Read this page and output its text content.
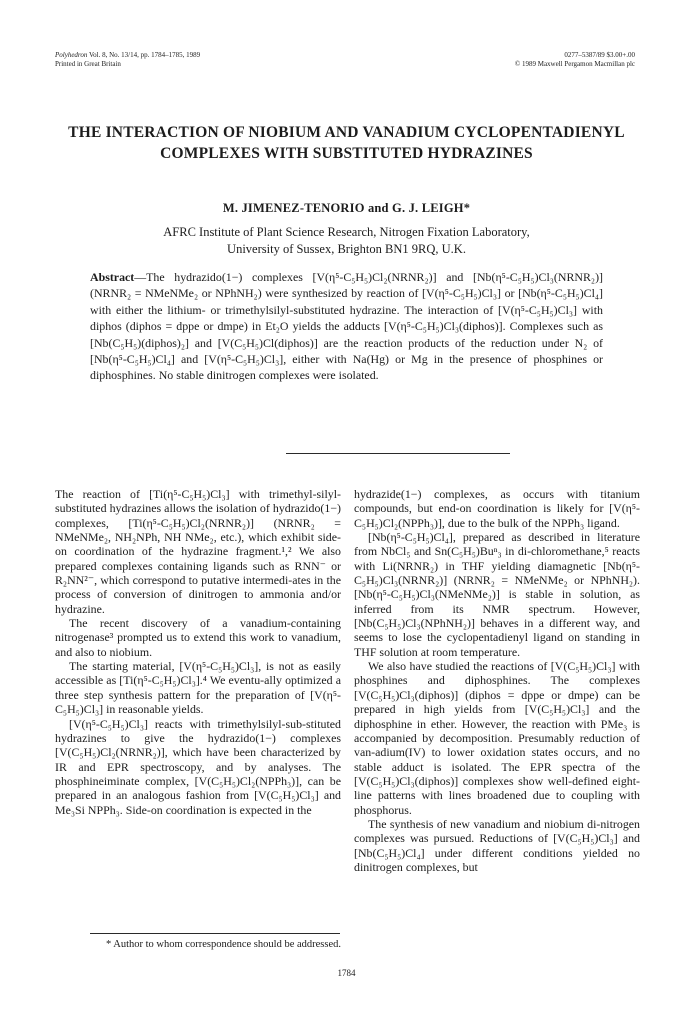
Polyhedron Vol. 8, No. 13/14, pp. 1784–1785, 1989
Printed in Great Britain
0277–5387/89 $3.00+.00
© 1989 Maxwell Pergamon Macmillan plc
THE INTERACTION OF NIOBIUM AND VANADIUM CYCLOPENTADIENYL COMPLEXES WITH SUBSTITUTED HYDRAZINES
M. JIMENEZ-TENORIO and G. J. LEIGH*
AFRC Institute of Plant Science Research, Nitrogen Fixation Laboratory,
University of Sussex, Brighton BN1 9RQ, U.K.
Abstract—The hydrazido(1−) complexes [V(η⁵-C₅H₅)Cl₂(NRNR₂)] and [Nb(η⁵-C₅H₅)Cl₃(NRNR₂)] (NRNR₂ = NMeNMe₂ or NPhNH₂) were synthesized by reaction of [V(η⁵-C₅H₅)Cl₃] or [Nb(η⁵-C₅H₅)Cl₄] with either the lithium- or trimethylsilyl-substituted hydrazine. The interaction of [V(η⁵-C₅H₅)Cl₃] with diphos (diphos = dppe or dmpe) in Et₂O yields the adducts [V(η⁵-C₅H₅)Cl₃(diphos)]. Complexes such as [Nb(C₅H₅)(diphos)₂] and [V(C₅H₅)Cl(diphos)] are the reaction products of the reduction under N₂ of [Nb(η⁵-C₅H₅)Cl₄] and [V(η⁵-C₅H₅)Cl₃], either with Na(Hg) or Mg in the presence of phosphines or diphosphines. No stable dinitrogen complexes were isolated.

The reaction of [Ti(η⁵-C₅H₅)Cl₃] with trimethyl-silyl-substituted hydrazines allows the isolation of hydrazido(1−) complexes, [Ti(η⁵-C₅H₅)Cl₂(NRNR₂)] (NRNR₂ = NMeNMe₂, NH₂NPh, NH NMe₂, etc.), which exhibit side-on coordination of the hydrazine fragment.¹,² We also prepared complexes containing ligands such as RNN⁻ or R₂NN²⁻, which correspond to putative intermedi-ates in the process of conversion of dinitrogen to ammonia and/or hydrazine.

The recent discovery of a vanadium-containing nitrogenase³ prompted us to extend this work to vanadium, and also to niobium.

The starting material, [V(η⁵-C₅H₅)Cl₃], is not as easily accessible as [Ti(η⁵-C₅H₅)Cl₃].⁴ We eventu-ally optimized a three step synthesis pattern for the preparation of [V(η⁵-C₅H₅)Cl₃] in reasonable yields.

[V(η⁵-C₅H₅)Cl₃] reacts with trimethylsilyl-sub-stituted hydrazines to give the hydrazido(1−) complexes [V(C₅H₅)Cl₂(NRNR₂)], which have been characterized by IR and EPR spectroscopy, and by analyses. The phosphineiminate complex, [V(C₅H₅)Cl₂(NPPh₃)], can be prepared in an analogous fashion from [V(C₅H₅)Cl₃] and Me₃Si NPPh₃. Side-on coordination is expected in the

hydrazide(1−) complexes, as occurs with titanium compounds, but end-on coordination is likely for [V(η⁵-C₅H₅)Cl₂(NPPh₃)], due to the bulk of the NPPh₃ ligand.

[Nb(η⁵-C₅H₅)Cl₄], prepared as described in literature from NbCl₅ and Sn(C₅H₅)Buⁿ₃ in di-chloromethane,⁵ reacts with Li(NRNR₂) in THF yielding diamagnetic [Nb(η⁵-C₅H₅)Cl₃(NRNR₂)] (NRNR₂ = NMeNMe₂ or NPhNH₂). [Nb(η⁵-C₅H₅)Cl₃(NMeNMe₂)] is stable in solution, as inferred from its NMR spectrum. However, [Nb(C₅H₅)Cl₃(NPhNH₂)] behaves in a different way, and seems to lose the cyclopentadienyl ligand on standing in THF solution at room temperature.

We also have studied the reactions of [V(C₅H₅)Cl₃] with phosphines and diphosphines. The complexes [V(C₅H₅)Cl₃(diphos)] (diphos = dppe or dmpe) can be prepared in high yields from [V(C₅H₅)Cl₃] and the diphosphine in ether. However, the reaction with PMe₃ is accompanied by decomposition. Presumably reduction of van-adium(IV) to lower oxidation states occurs, and no stable adduct is isolated. The EPR spectra of the [V(C₅H₅)Cl₃(diphos)] complexes show well-defined eight-line patterns with lines broadened due to coupling with phosphorus.

The synthesis of new vanadium and niobium di-nitrogen complexes was pursued. Reductions of [V(C₅H₅)Cl₃] and [Nb(C₅H₅)Cl₄] under different conditions yielded no dinitrogen complexes, but

* Author to whom correspondence should be addressed.
1784
